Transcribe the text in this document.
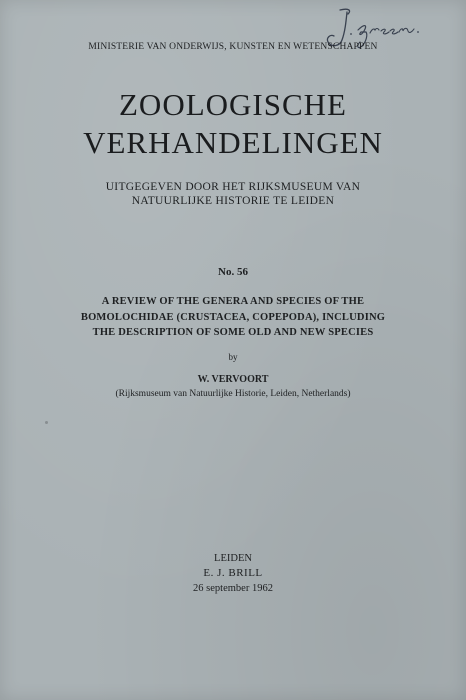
MINISTERIE VAN ONDERWIJS, KUNSTEN EN WETENSCHAPPEN
ZOOLOGISCHE
VERHANDELINGEN
UITGEGEVEN DOOR HET RIJKSMUSEUM VAN
NATUURLIJKE HISTORIE TE LEIDEN
No. 56
A REVIEW OF THE GENERA AND SPECIES OF THE
BOMOLOCHIDAE (CRUSTACEA, COPEPODA), INCLUDING
THE DESCRIPTION OF SOME OLD AND NEW SPECIES
by
W. VERVOORT
(Rijksmuseum van Natuurlijke Historie, Leiden, Netherlands)
LEIDEN
E. J. BRILL
26 september 1962
